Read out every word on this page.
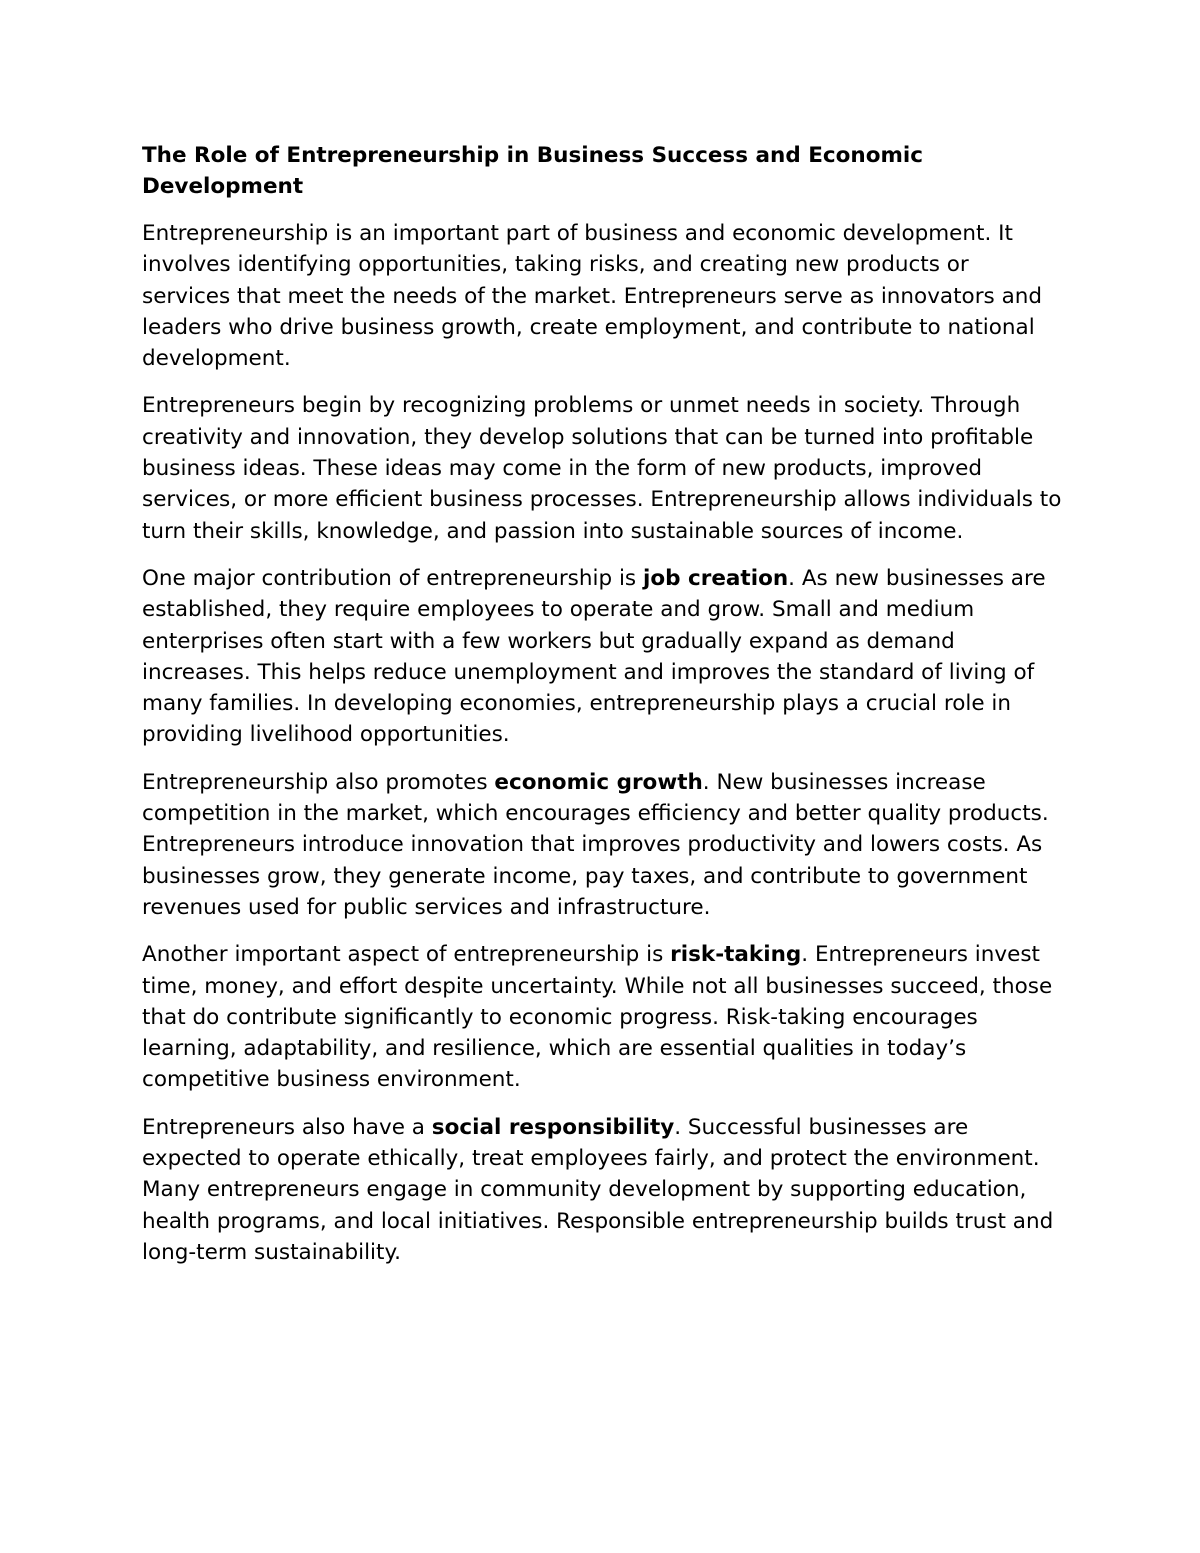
The Role of Entrepreneurship in Business Success and Economic Development

Entrepreneurship is an important part of business and economic development. It involves identifying opportunities, taking risks, and creating new products or services that meet the needs of the market. Entrepreneurs serve as innovators and leaders who drive business growth, create employment, and contribute to national development.

Entrepreneurs begin by recognizing problems or unmet needs in society. Through creativity and innovation, they develop solutions that can be turned into profitable business ideas. These ideas may come in the form of new products, improved services, or more efficient business processes. Entrepreneurship allows individuals to turn their skills, knowledge, and passion into sustainable sources of income.

One major contribution of entrepreneurship is job creation. As new businesses are established, they require employees to operate and grow. Small and medium enterprises often start with a few workers but gradually expand as demand increases. This helps reduce unemployment and improves the standard of living of many families. In developing economies, entrepreneurship plays a crucial role in providing livelihood opportunities.

Entrepreneurship also promotes economic growth. New businesses increase competition in the market, which encourages efficiency and better quality products. Entrepreneurs introduce innovation that improves productivity and lowers costs. As businesses grow, they generate income, pay taxes, and contribute to government revenues used for public services and infrastructure.

Another important aspect of entrepreneurship is risk-taking. Entrepreneurs invest time, money, and effort despite uncertainty. While not all businesses succeed, those that do contribute significantly to economic progress. Risk-taking encourages learning, adaptability, and resilience, which are essential qualities in today’s competitive business environment.

Entrepreneurs also have a social responsibility. Successful businesses are expected to operate ethically, treat employees fairly, and protect the environment. Many entrepreneurs engage in community development by supporting education, health programs, and local initiatives. Responsible entrepreneurship builds trust and long-term sustainability.
